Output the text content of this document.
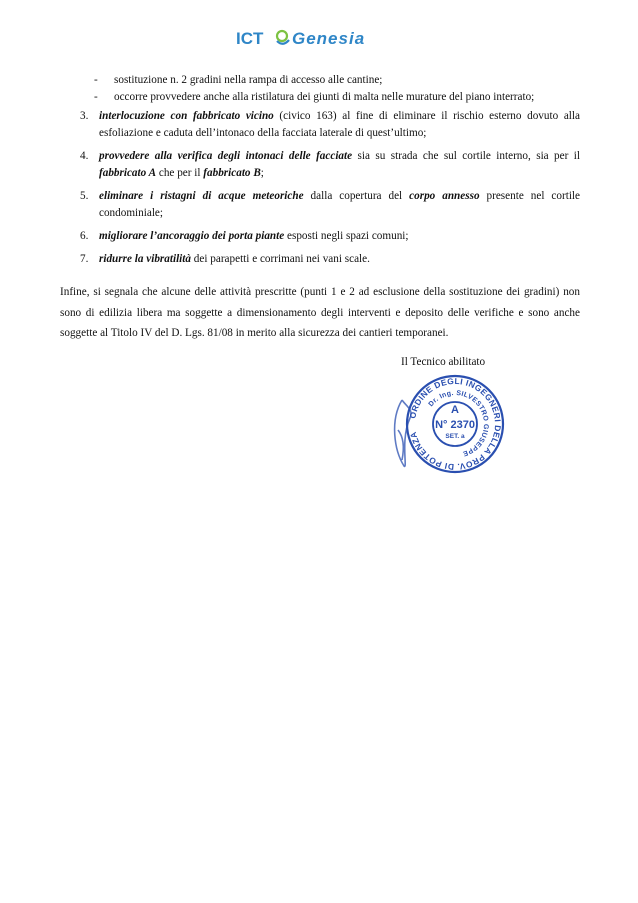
ICT Genesia

- sostituzione n. 2 gradini nella rampa di accesso alle cantine;

- occorre provvedere anche alla ristilatura dei giunti di malta nelle murature del piano interrato;

3. interlocuzione con fabbricato vicino (civico 163) al fine di eliminare il rischio esterno dovuto alla esfoliazione e caduta dell’intonaco della facciata laterale di quest’ultimo;
4. provvedere alla verifica degli intonaci delle facciate sia su strada che sul cortile interno, sia per il fabbricato A che per il fabbricato B;
5. eliminare i ristagni di acque meteoriche dalla copertura del corpo annesso presente nel cortile condominiale;
6. migliorare l’ancoraggio dei porta piante esposti negli spazi comuni;
7. ridurre la vibratilità dei parapetti e corrimani nei vani scale.

Infine, si segnala che alcune delle attività prescritte (punti 1 e 2 ad esclusione della sostituzione dei gradini) non sono di edilizia libera ma soggette a dimensionamento degli interventi e deposito delle verifiche e sono anche soggette al Titolo IV del D. Lgs. 81/08 in merito alla sicurezza dei cantieri temporanei.

Il Tecnico abilitato
ORDINE DEGLI INGEGNERI DELLA PROV. DI POTENZA
Dr. Ing. SILVESTRO GIUSEPPE
A
N° 2370
SET. a
